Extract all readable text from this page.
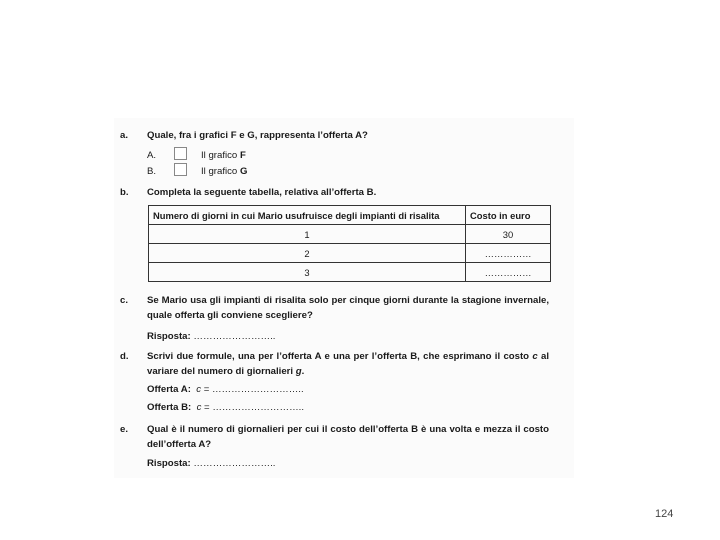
a. Quale, fra i grafici F e G, rappresenta l’offerta A?
A.	Il grafico F
B.	Il grafico G
b. Completa la seguente tabella, relativa all’offerta B.
Numero di giorni in cui Mario usufruisce degli impianti di risalita	Costo in euro
1	30
2	……………
3	……………
c. Se Mario usa gli impianti di risalita solo per cinque giorni durante la stagione invernale, quale offerta gli conviene scegliere?
Risposta: ……………………..
d. Scrivi due formule, una per l’offerta A e una per l’offerta B, che esprimano il costo c al variare del numero di giornalieri g.
Offerta A: c = ………………………..
Offerta B: c = ………………………..
e. Qual è il numero di giornalieri per cui il costo dell’offerta B è una volta e mezza il costo dell’offerta A?
Risposta: ……………………..
124
